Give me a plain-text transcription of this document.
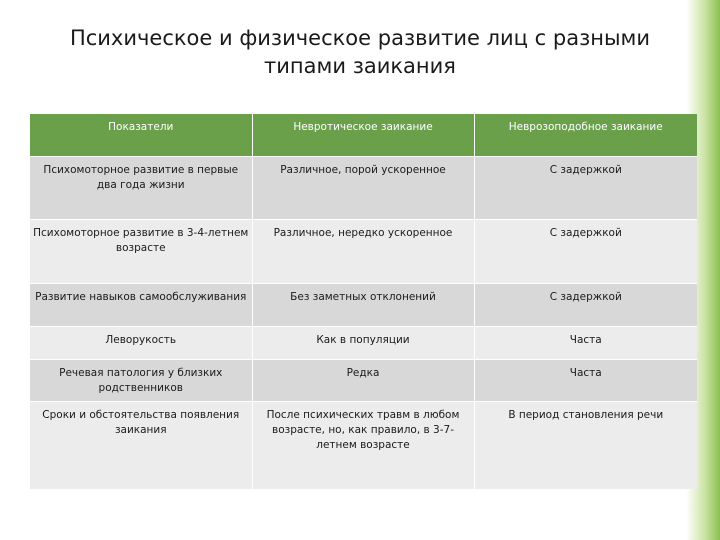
Психическое и физическое развитие лиц с разными типами заикания
Показатели	Невротическое заикание	Неврозоподобное заикание
Психомоторное развитие в первые два года жизни	Различное, порой ускоренное	С задержкой
Психомоторное развитие в 3-4-летнем возрасте	Различное, нередко ускоренное	С задержкой
Развитие навыков самообслуживания	Без заметных отклонений	С задержкой
Леворукость	Как в популяции	Часта
Речевая патология у близких родственников	Редка	Часта
Сроки и обстоятельства появления заикания	После психических травм в любом возрасте, но, как правило, в 3-7-летнем возрасте	В период становления речи
